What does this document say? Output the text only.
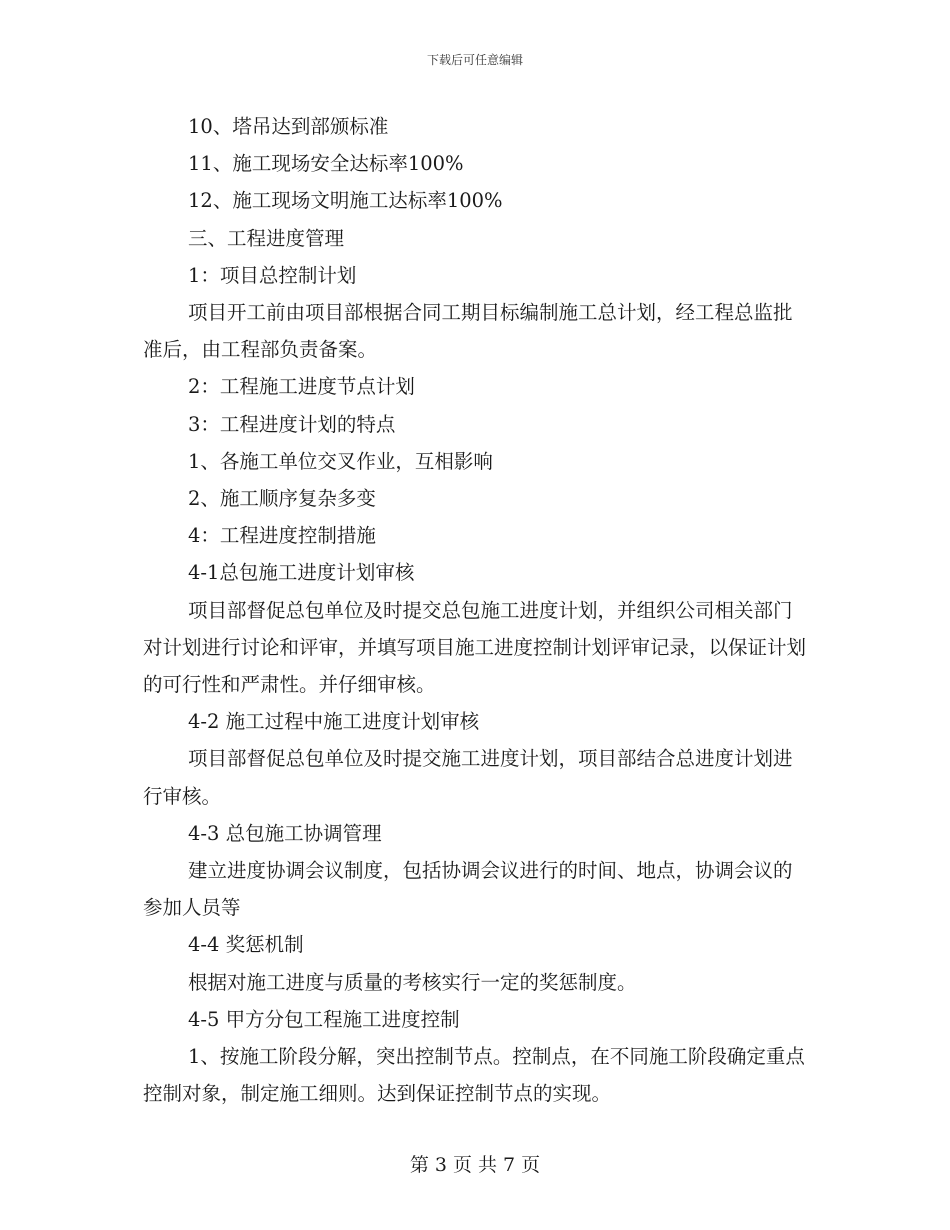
下载后可任意编辑

10、塔吊达到部颁标准

11、施工现场安全达标率100%

12、施工现场文明施工达标率100%

三、工程进度管理

1：项目总控制计划

项目开工前由项目部根据合同工期目标编制施工总计划，经工程总监批准后，由工程部负责备案。

2：工程施工进度节点计划

3：工程进度计划的特点

1、各施工单位交叉作业，互相影响

2、施工顺序复杂多变

4：工程进度控制措施

4-1总包施工进度计划审核

项目部督促总包单位及时提交总包施工进度计划，并组织公司相关部门对计划进行讨论和评审，并填写项目施工进度控制计划评审记录，以保证计划的可行性和严肃性。并仔细审核。

4-2 施工过程中施工进度计划审核

项目部督促总包单位及时提交施工进度计划，项目部结合总进度计划进行审核。

4-3 总包施工协调管理

建立进度协调会议制度，包括协调会议进行的时间、地点，协调会议的参加人员等

4-4 奖惩机制

根据对施工进度与质量的考核实行一定的奖惩制度。

4-5 甲方分包工程施工进度控制

1、按施工阶段分解，突出控制节点。控制点，在不同施工阶段确定重点控制对象，制定施工细则。达到保证控制节点的实现。

第 3 页 共 7 页
